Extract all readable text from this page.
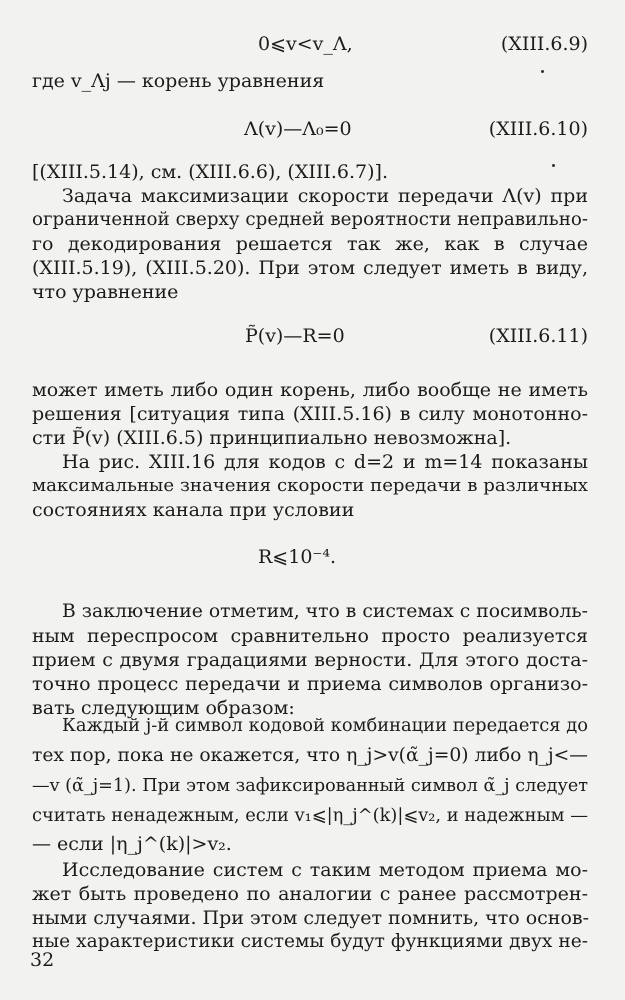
0⩽v<v_Λ,	(XIII.6.9)
где v_Λj — корень уравнения
Λ(v)—Λ₀=0	(XIII.6.10)
[(XIII.5.14), см. (XIII.6.6), (XIII.6.7)].
Задача максимизации скорости передачи Λ(v) при
ограниченной сверху средней вероятности неправильно-
го декодирования решается так же, как в случае
(XIII.5.19), (XIII.5.20). При этом следует иметь в виду,
что уравнение
P̃(v)—R=0	(XIII.6.11)
может иметь либо один корень, либо вообще не иметь
решения [ситуация типа (XIII.5.16) в силу монотонно-
сти P̃(v) (XIII.6.5) принципиально невозможна].
На рис. XIII.16 для кодов с d=2 и m=14 показаны
максимальные значения скорости передачи в различных
состояниях канала при условии
R⩽10⁻⁴.
В заключение отметим, что в системах с посимволь-
ным переспросом сравнительно просто реализуется
прием с двумя градациями верности. Для этого доста-
точно процесс передачи и приема символов организо-
вать следующим образом:
Каждый j-й символ кодовой комбинации передается до
тех пор, пока не окажется, что η_j>v(α̃_j=0) либо η_j<—
—v (α̃_j=1). При этом зафиксированный символ α̃_j следует
считать ненадежным, если v₁⩽|η_j^(k)|⩽v₂, и надежным —
— если |η_j^(k)|>v₂.
Исследование систем с таким методом приема мо-
жет быть проведено по аналогии с ранее рассмотрен-
ными случаями. При этом следует помнить, что основ-
ные характеристики системы будут функциями двух не-
32
